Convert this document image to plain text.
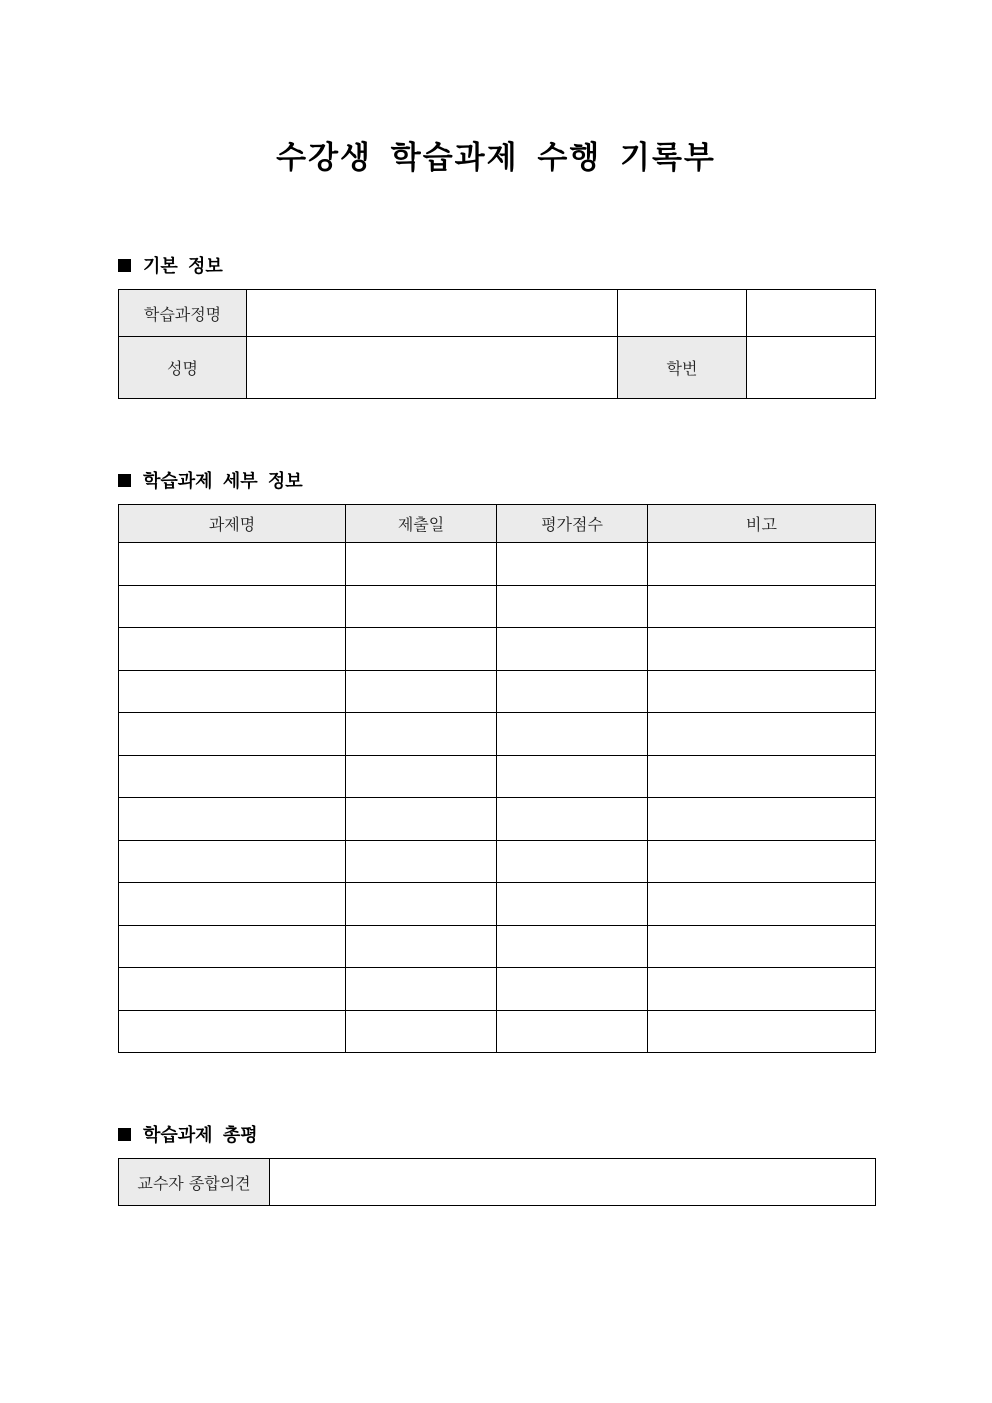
수강생 학습과제 수행 기록부
기본 정보
학습과정명			
성명		학번	
학습과제 세부 정보
과제명	제출일	평가점수	비고

학습과제 총평
교수자 종합의견	
